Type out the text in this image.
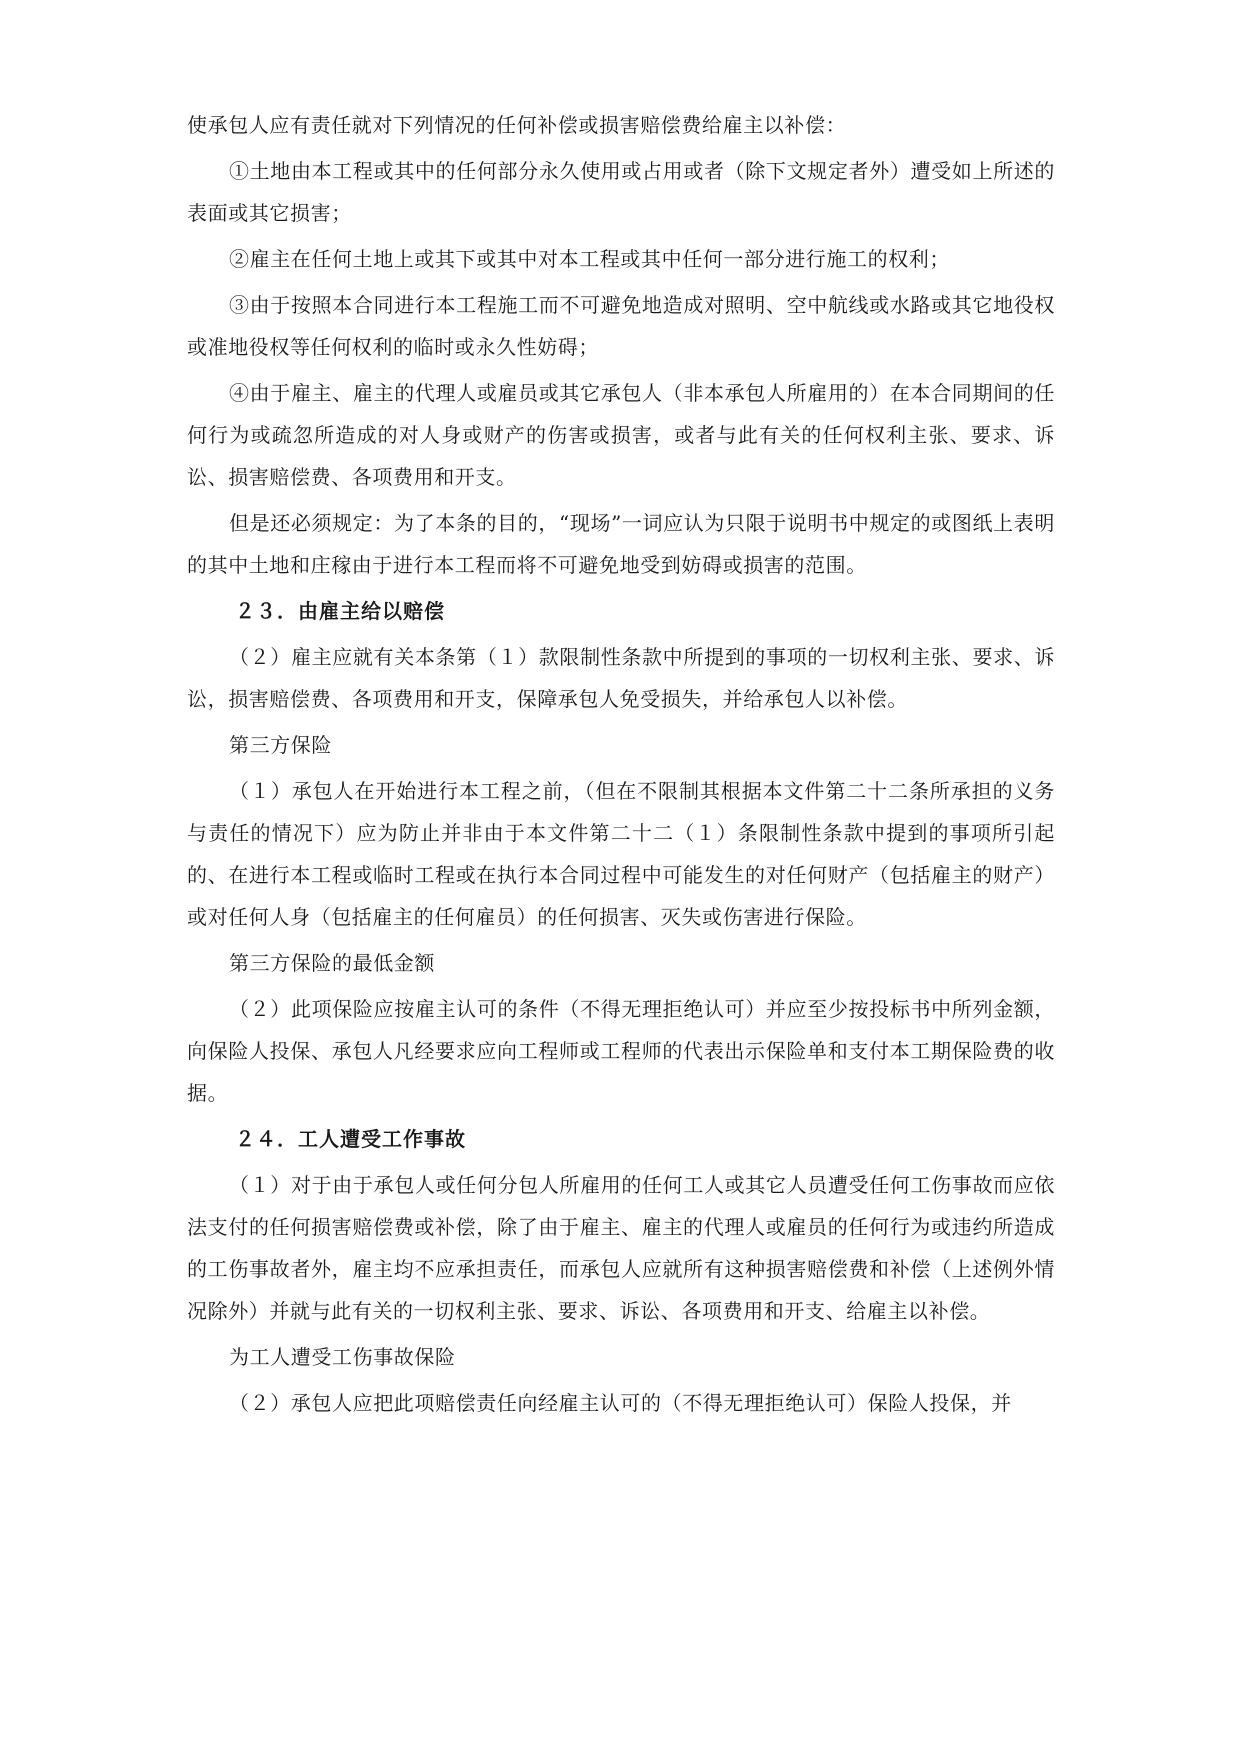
使承包人应有责任就对下列情况的任何补偿或损害赔偿费给雇主以补偿：

①土地由本工程或其中的任何部分永久使用或占用或者（除下文规定者外）遭受如上所述的表面或其它损害；

②雇主在任何土地上或其下或其中对本工程或其中任何一部分进行施工的权利；

③由于按照本合同进行本工程施工而不可避免地造成对照明、空中航线或水路或其它地役权或准地役权等任何权利的临时或永久性妨碍；

④由于雇主、雇主的代理人或雇员或其它承包人（非本承包人所雇用的）在本合同期间的任何行为或疏忽所造成的对人身或财产的伤害或损害，或者与此有关的任何权利主张、要求、诉讼、损害赔偿费、各项费用和开支。

但是还必须规定：为了本条的目的，“现场”一词应认为只限于说明书中规定的或图纸上表明的其中土地和庄稼由于进行本工程而将不可避免地受到妨碍或损害的范围。

２３．由雇主给以赔偿

（２）雇主应就有关本条第（１）款限制性条款中所提到的事项的一切权利主张、要求、诉讼，损害赔偿费、各项费用和开支，保障承包人免受损失，并给承包人以补偿。

第三方保险

（１）承包人在开始进行本工程之前，（但在不限制其根据本文件第二十二条所承担的义务与责任的情况下）应为防止并非由于本文件第二十二（１）条限制性条款中提到的事项所引起的、在进行本工程或临时工程或在执行本合同过程中可能发生的对任何财产（包括雇主的财产）或对任何人身（包括雇主的任何雇员）的任何损害、灭失或伤害进行保险。

第三方保险的最低金额

（２）此项保险应按雇主认可的条件（不得无理拒绝认可）并应至少按投标书中所列金额，向保险人投保、承包人凡经要求应向工程师或工程师的代表出示保险单和支付本工期保险费的收据。

２４．工人遭受工作事故

（１）对于由于承包人或任何分包人所雇用的任何工人或其它人员遭受任何工伤事故而应依法支付的任何损害赔偿费或补偿，除了由于雇主、雇主的代理人或雇员的任何行为或违约所造成的工伤事故者外，雇主均不应承担责任，而承包人应就所有这种损害赔偿费和补偿（上述例外情况除外）并就与此有关的一切权利主张、要求、诉讼、各项费用和开支、给雇主以补偿。

为工人遭受工伤事故保险

（２）承包人应把此项赔偿责任向经雇主认可的（不得无理拒绝认可）保险人投保，并
